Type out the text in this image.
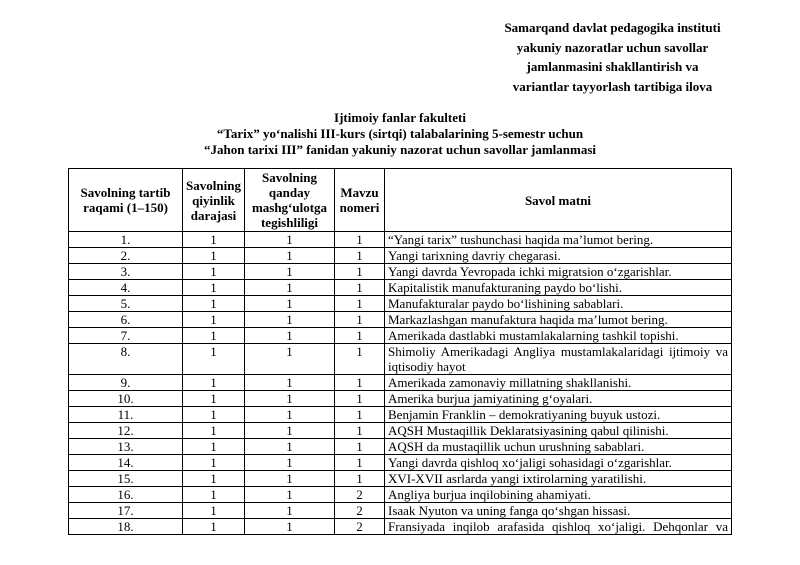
Samarqand davlat pedagogika instituti
yakuniy nazoratlar uchun savollar
jamlanmasini shakllantirish va
variantlar tayyorlash tartibiga ilova
Ijtimoiy fanlar fakulteti
“Tarix” yo‘nalishi III-kurs (sirtqi) talabalarining 5-semestr uchun
“Jahon tarixi III” fanidan yakuniy nazorat uchun savollar jamlanmasi
Savolning tartib raqami (1–150)	Savolning qiyinlik darajasi	Savolning qanday mashg‘ulotga tegishliligi	Mavzu nomeri	Savol matni
1.	1	1	1	“Yangi tarix” tushunchasi haqida ma’lumot bering.
2.	1	1	1	Yangi tarixning davriy chegarasi.
3.	1	1	1	Yangi davrda Yevropada ichki migratsion o‘zgarishlar.
4.	1	1	1	Kapitalistik manufakturaning paydo bo‘lishi.
5.	1	1	1	Manufakturalar paydo bo‘lishining sabablari.
6.	1	1	1	Markazlashgan manufaktura haqida ma’lumot bering.
7.	1	1	1	Amerikada dastlabki mustamlakalarning tashkil topishi.
8.	1	1	1	Shimoliy Amerikadagi Angliya mustamlakalaridagi ijtimoiy va iqtisodiy hayot
9.	1	1	1	Amerikada zamonaviy millatning shakllanishi.
10.	1	1	1	Amerika burjua jamiyatining g‘oyalari.
11.	1	1	1	Benjamin Franklin – demokratiyaning buyuk ustozi.
12.	1	1	1	AQSH Mustaqillik Deklaratsiyasining qabul qilinishi.
13.	1	1	1	AQSH da mustaqillik uchun urushning sabablari.
14.	1	1	1	Yangi davrda qishloq xo‘jaligi sohasidagi o‘zgarishlar.
15.	1	1	1	XVI-XVII asrlarda yangi ixtirolarning yaratilishi.
16.	1	1	2	Angliya burjua inqilobining ahamiyati.
17.	1	1	2	Isaak Nyuton va uning fanga qo‘shgan hissasi.
18.	1	1	2	Fransiyada inqilob arafasida qishloq xo‘jaligi. Dehqonlar va
